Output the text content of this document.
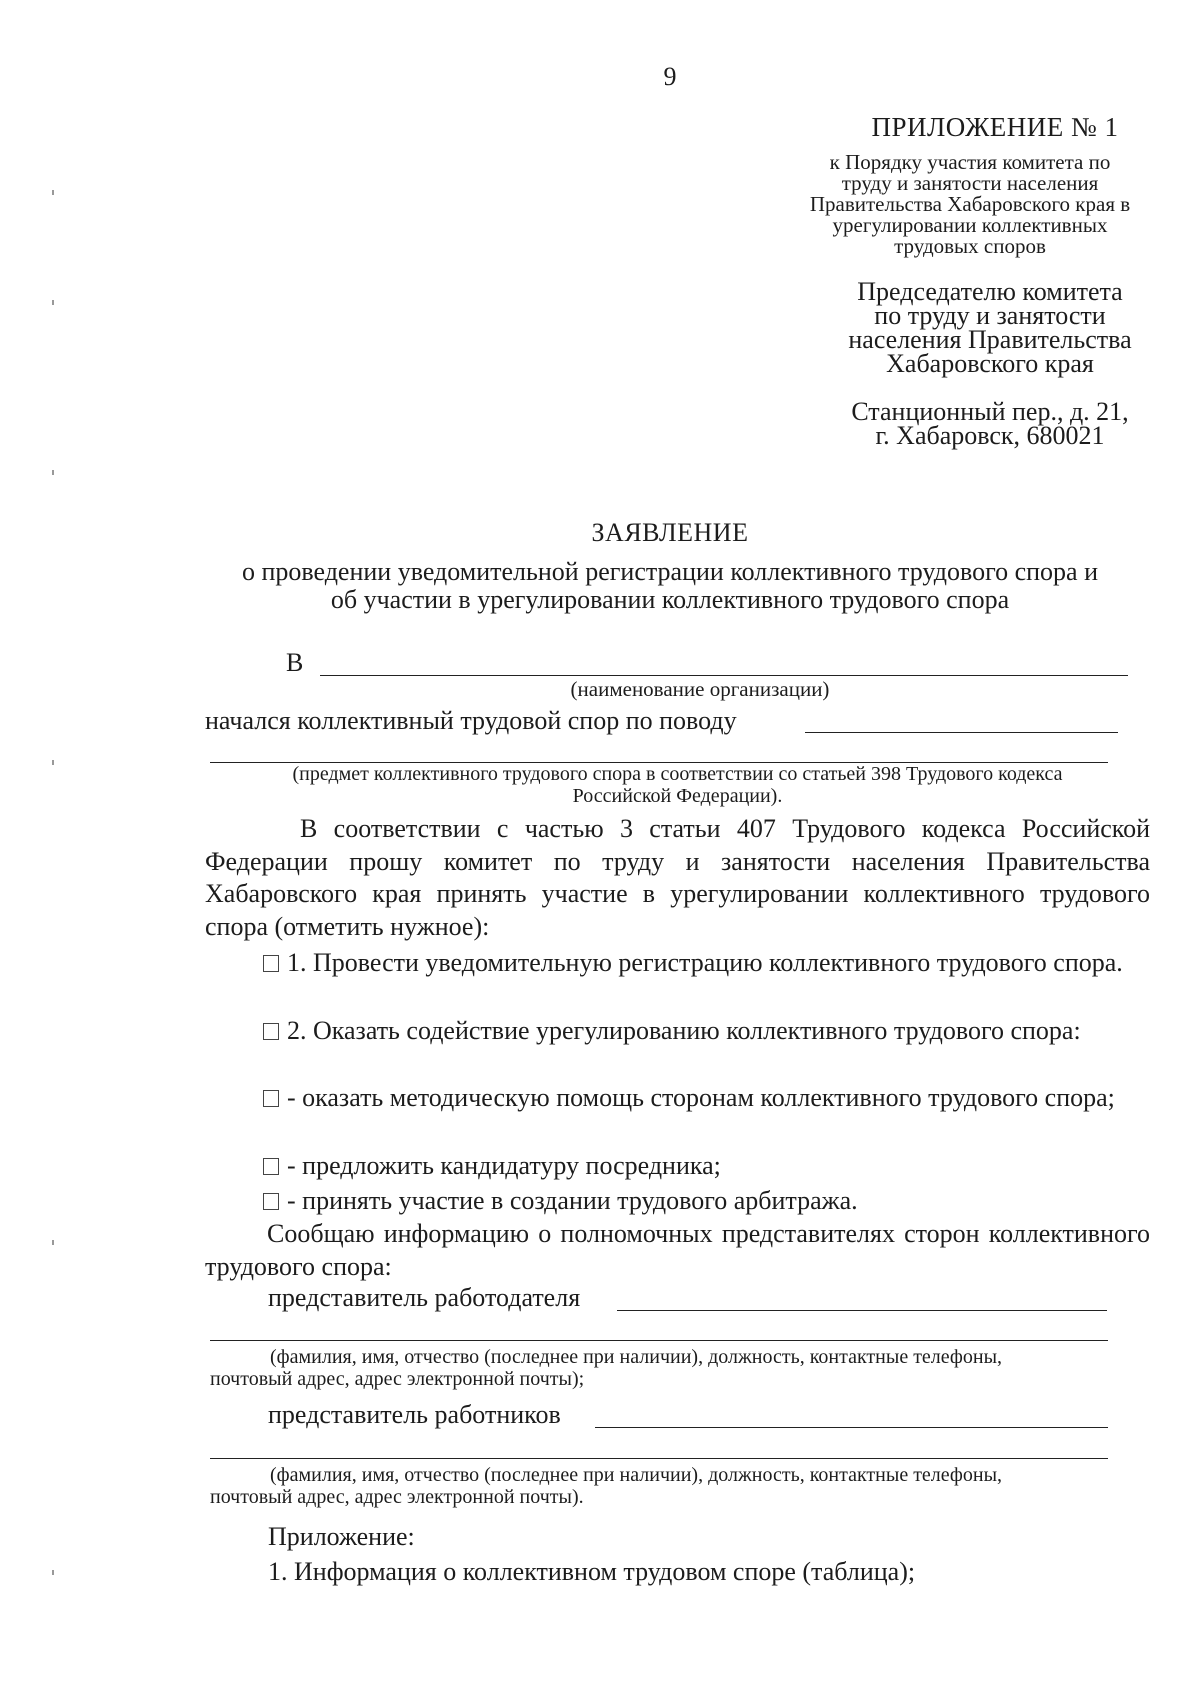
9
ПРИЛОЖЕНИЕ № 1
к Порядку участия комитета по
труду и занятости населения
Правительства Хабаровского края в
урегулировании коллективных
трудовых споров
Председателю комитета
по труду и занятости
населения Правительства
Хабаровского края
Станционный пер., д. 21,
г. Хабаровск, 680021
ЗАЯВЛЕНИЕ
о проведении уведомительной регистрации коллективного трудового спора и
об участии в урегулировании коллективного трудового спора
В
(наименование организации)
начался коллективный трудовой спор по поводу
(предмет коллективного трудового спора в соответствии со статьей 398 Трудового кодекса
Российской Федерации).
В соответствии с частью 3 статьи 407 Трудового кодекса Российской Федерации прошу комитет по труду и занятости населения Правительства Хабаровского края принять участие в урегулировании коллективного трудового спора (отметить нужное):
1. Провести уведомительную регистрацию коллективного трудового спора.
2. Оказать содействие урегулированию коллективного трудового спора:
- оказать методическую помощь сторонам коллективного трудового спора;
- предложить кандидатуру посредника;
- принять участие в создании трудового арбитража.
Сообщаю информацию о полномочных представителях сторон коллективного трудового спора:
представитель работодателя
(фамилия, имя, отчество (последнее при наличии), должность, контактные телефоны,
почтовый адрес, адрес электронной почты);
представитель работников
(фамилия, имя, отчество (последнее при наличии), должность, контактные телефоны,
почтовый адрес, адрес электронной почты).
Приложение:
1. Информация о коллективном трудовом споре (таблица);
